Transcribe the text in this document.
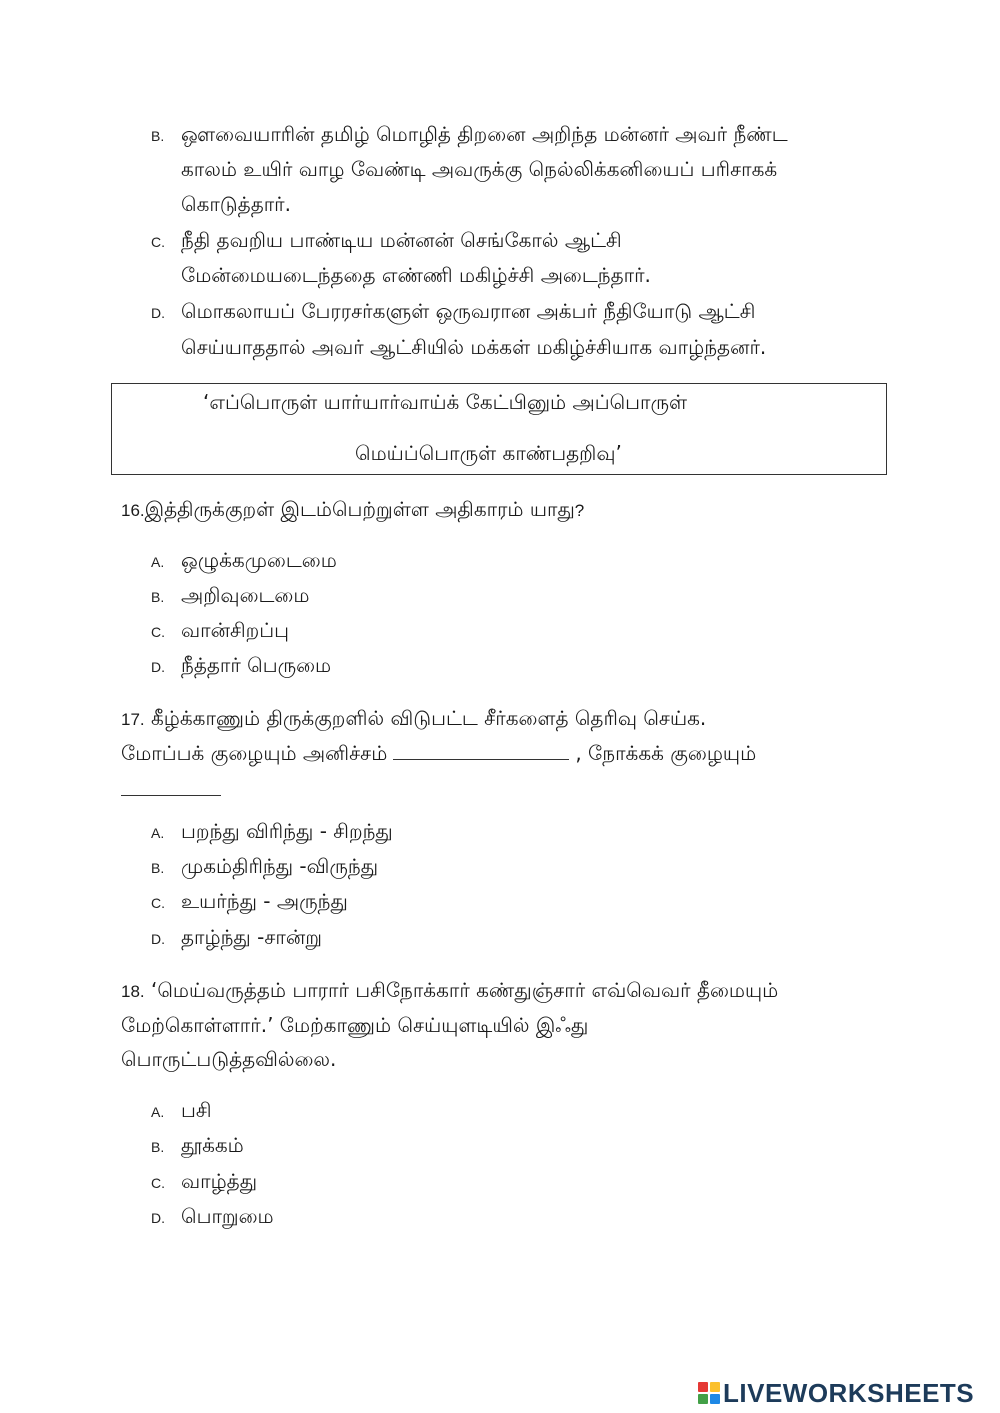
B. ஔவையாரின் தமிழ் மொழித் திறனை அறிந்த மன்னர் அவர் நீண்ட
காலம் உயிர் வாழ வேண்டி அவருக்கு நெல்லிக்கனியைப் பரிசாகக்
கொடுத்தார்.
C. நீதி தவறிய பாண்டிய மன்னன் செங்கோல் ஆட்சி
மேன்மையடைந்ததை எண்ணி மகிழ்ச்சி அடைந்தார்.
D. மொகலாயப் பேரரசர்களுள் ஒருவரான அக்பர் நீதியோடு ஆட்சி
செய்யாததால் அவர் ஆட்சியில் மக்கள் மகிழ்ச்சியாக வாழ்ந்தனர்.
‘எப்பொருள் யார்யார்வாய்க் கேட்பினும் அப்பொருள்
மெய்ப்பொருள் காண்பதறிவு’
16.இத்திருக்குறள் இடம்பெற்றுள்ள அதிகாரம் யாது?
A. ஒழுக்கமுடைமை
B. அறிவுடைமை
C. வான்சிறப்பு
D. நீத்தார் பெருமை
17. கீழ்க்காணும் திருக்குறளில் விடுபட்ட சீர்களைத் தெரிவு செய்க.
மோப்பக் குழையும் அனிச்சம்	, நோக்கக் குழையும்
A. பறந்து விரிந்து - சிறந்து
B. முகம்திரிந்து -விருந்து
C. உயர்ந்து - அருந்து
D. தாழ்ந்து -சான்று
18. ‘மெய்வருத்தம் பாரார் பசிநோக்கார் கண்துஞ்சார் எவ்வெவர் தீமையும்
மேற்கொள்ளார்.’ மேற்காணும் செய்யுளடியில் இஃது
பொருட்படுத்தவில்லை.
A. பசி
B. தூக்கம்
C. வாழ்த்து
D. பொறுமை
LIVEWORKSHEETS
